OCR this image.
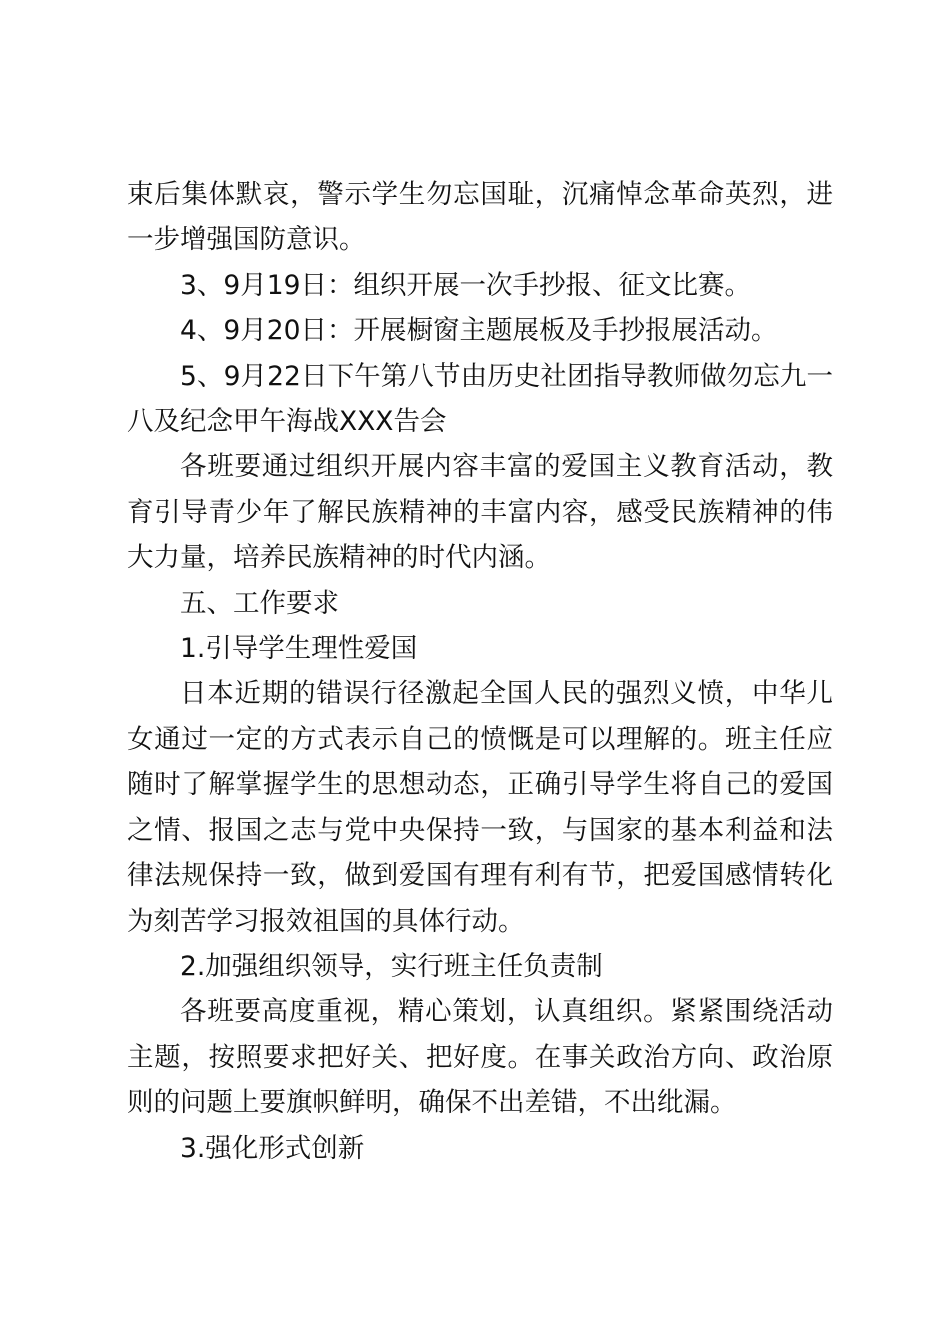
束后集体默哀，警示学生勿忘国耻，沉痛悼念革命英烈，进一步增强国防意识。

3、9月19日：组织开展一次手抄报、征文比赛。

4、9月20日：开展橱窗主题展板及手抄报展活动。

5、9月22日下午第八节由历史社团指导教师做勿忘九一八及纪念甲午海战XXX告会

各班要通过组织开展内容丰富的爱国主义教育活动，教育引导青少年了解民族精神的丰富内容，感受民族精神的伟大力量，培养民族精神的时代内涵。

五、工作要求

1.引导学生理性爱国

日本近期的错误行径激起全国人民的强烈义愤，中华儿女通过一定的方式表示自己的愤慨是可以理解的。班主任应随时了解掌握学生的思想动态，正确引导学生将自己的爱国之情、报国之志与党中央保持一致，与国家的基本利益和法律法规保持一致，做到爱国有理有利有节，把爱国感情转化为刻苦学习报效祖国的具体行动。

2.加强组织领导，实行班主任负责制

各班要高度重视，精心策划，认真组织。紧紧围绕活动主题，按照要求把好关、把好度。在事关政治方向、政治原则的问题上要旗帜鲜明，确保不出差错，不出纰漏。

3.强化形式创新
